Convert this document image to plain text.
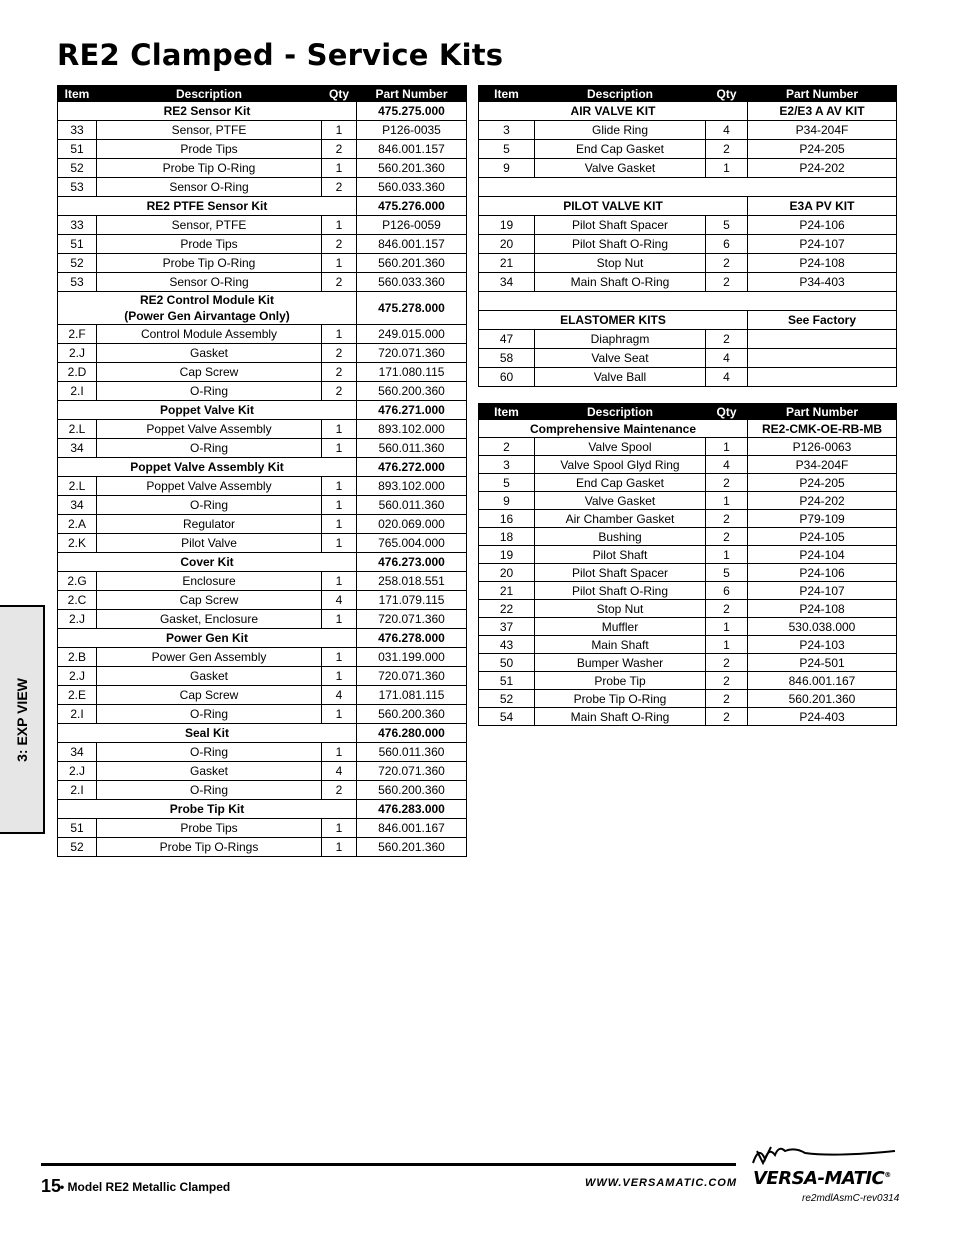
RE2 Clamped - Service Kits
Item	Description	Qty	Part Number
RE2 Sensor Kit			475.275.000
33	Sensor, PTFE	1	P126-0035
51	Prode Tips	2	846.001.157
52	Probe Tip O-Ring	1	560.201.360
53	Sensor O-Ring	2	560.033.360
RE2 PTFE Sensor Kit			475.276.000
33	Sensor, PTFE	1	P126-0059
51	Prode Tips	2	846.001.157
52	Probe Tip O-Ring	1	560.201.360
53	Sensor O-Ring	2	560.033.360
RE2 Control Module Kit
(Power Gen Airvantage Only)			475.278.000
2.F	Control Module Assembly	1	249.015.000
2.J	Gasket	2	720.071.360
2.D	Cap Screw	2	171.080.115
2.I	O-Ring	2	560.200.360
Poppet Valve Kit			476.271.000
2.L	Poppet Valve Assembly	1	893.102.000
34	O-Ring	1	560.011.360
Poppet Valve Assembly Kit			476.272.000
2.L	Poppet Valve Assembly	1	893.102.000
34	O-Ring	1	560.011.360
2.A	Regulator	1	020.069.000
2.K	Pilot Valve	1	765.004.000
Cover Kit			476.273.000
2.G	Enclosure	1	258.018.551
2.C	Cap Screw	4	171.079.115
2.J	Gasket, Enclosure	1	720.071.360
Power Gen Kit			476.278.000
2.B	Power Gen Assembly	1	031.199.000
2.J	Gasket	1	720.071.360
2.E	Cap Screw	4	171.081.115
2.I	O-Ring	1	560.200.360
Seal Kit			476.280.000
34	O-Ring	1	560.011.360
2.J	Gasket	4	720.071.360
2.I	O-Ring	2	560.200.360
Probe Tip Kit			476.283.000
51	Probe Tips	1	846.001.167
52	Probe Tip O-Rings	1	560.201.360
Item	Description	Qty	Part Number
AIR VALVE KIT			E2/E3 A AV KIT
3	Glide Ring	4	P34-204F
5	End Cap Gasket	2	P24-205
9	Valve Gasket	1	P24-202

PILOT VALVE KIT			E3A PV KIT
19	Pilot Shaft Spacer	5	P24-106
20	Pilot Shaft O-Ring	6	P24-107
21	Stop Nut	2	P24-108
34	Main Shaft O-Ring	2	P34-403

ELASTOMER KITS			See Factory
47	Diaphragm	2	
58	Valve Seat	4	
60	Valve Ball	4	
Item	Description	Qty	Part Number
Comprehensive Maintenance			RE2-CMK-OE-RB-MB
2	Valve Spool	1	P126-0063
3	Valve Spool Glyd Ring	4	P34-204F
5	End Cap Gasket	2	P24-205
9	Valve Gasket	1	P24-202
16	Air Chamber Gasket	2	P79-109
18	Bushing	2	P24-105
19	Pilot Shaft	1	P24-104
20	Pilot Shaft Spacer	5	P24-106
21	Pilot Shaft O-Ring	6	P24-107
22	Stop Nut	2	P24-108
37	Muffler	1	530.038.000
43	Main Shaft	1	P24-103
50	Bumper Washer	2	P24-501
51	Probe Tip	2	846.001.167
52	Probe Tip O-Ring	2	560.201.360
54	Main Shaft O-Ring	2	P24-403
3: EXP VIEW
15
• Model RE2 Metallic Clamped	WWW.VERSAMATIC.COM VERSA-MATIC®
re2mdlAsmC-rev0314
